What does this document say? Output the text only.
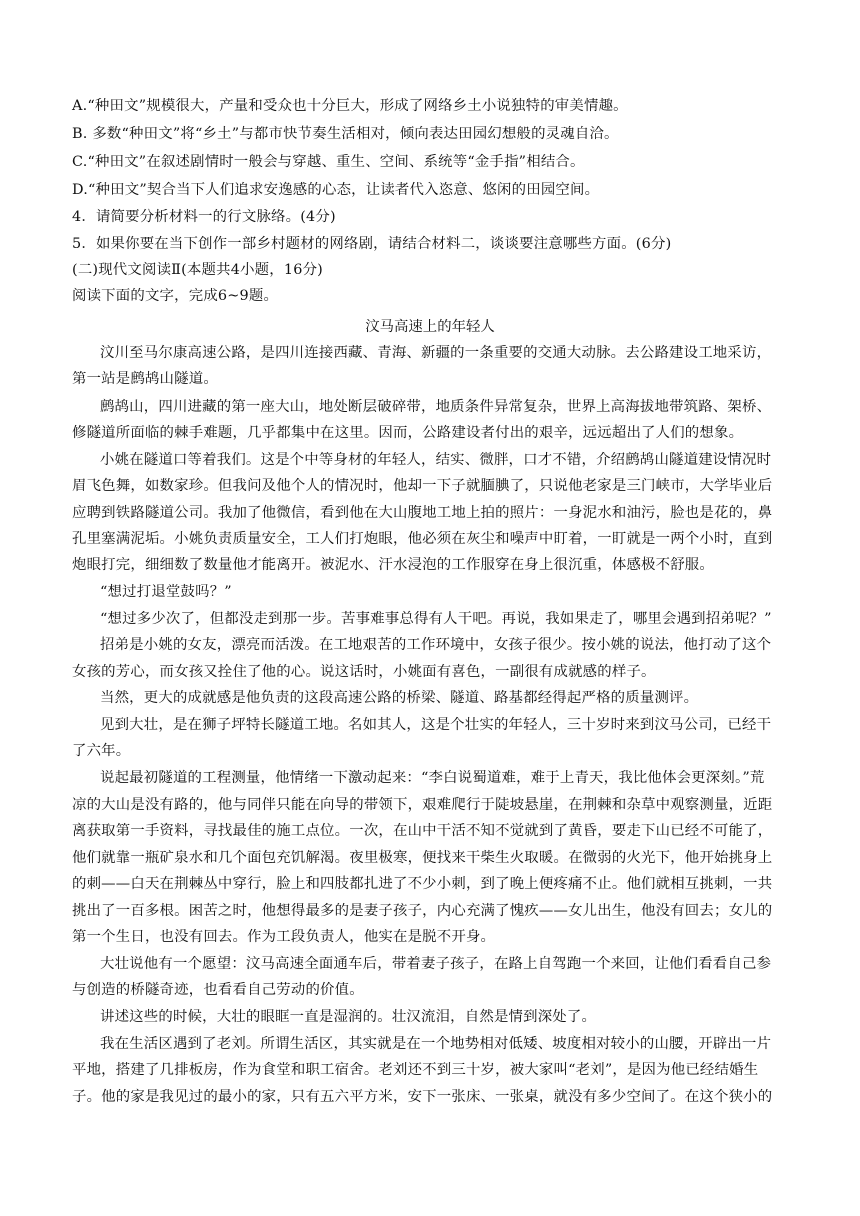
A.“种田文”规模很大，产量和受众也十分巨大，形成了网络乡土小说独特的审美情趣。
B. 多数“种田文”将“乡土”与都市快节奏生活相对，倾向表达田园幻想般的灵魂自洽。
C.“种田文”在叙述剧情时一般会与穿越、重生、空间、系统等“金手指”相结合。
D.“种田文”契合当下人们追求安逸感的心态，让读者代入恣意、悠闲的田园空间。
4．请简要分析材料一的行文脉络。(4分)
5．如果你要在当下创作一部乡村题材的网络剧，请结合材料二，谈谈要注意哪些方面。(6分)
(二)现代文阅读Ⅱ(本题共4小题，16分)
阅读下面的文字，完成6~9题。
汶马高速上的年轻人
汶川至马尔康高速公路，是四川连接西藏、青海、新疆的一条重要的交通大动脉。去公路建设工地采访，
第一站是鹧鸪山隧道。
鹧鸪山，四川进藏的第一座大山，地处断层破碎带，地质条件异常复杂，世界上高海拔地带筑路、架桥、
修隧道所面临的棘手难题，几乎都集中在这里。因而，公路建设者付出的艰辛，远远超出了人们的想象。
小姚在隧道口等着我们。这是个中等身材的年轻人，结实、微胖，口才不错，介绍鹧鸪山隧道建设情况时
眉飞色舞，如数家珍。但我问及他个人的情况时，他却一下子就腼腆了，只说他老家是三门峡市，大学毕业后
应聘到铁路隧道公司。我加了他微信，看到他在大山腹地工地上拍的照片：一身泥水和油污，脸也是花的，鼻
孔里塞满泥垢。小姚负责质量安全，工人们打炮眼，他必须在灰尘和噪声中盯着，一盯就是一两个小时，直到
炮眼打完，细细数了数量他才能离开。被泥水、汗水浸泡的工作服穿在身上很沉重，体感极不舒服。
“想过打退堂鼓吗？”
“想过多少次了，但都没走到那一步。苦事难事总得有人干吧。再说，我如果走了，哪里会遇到招弟呢？”
招弟是小姚的女友，漂亮而活泼。在工地艰苦的工作环境中，女孩子很少。按小姚的说法，他打动了这个
女孩的芳心，而女孩又拴住了他的心。说这话时，小姚面有喜色，一副很有成就感的样子。
当然，更大的成就感是他负责的这段高速公路的桥梁、隧道、路基都经得起严格的质量测评。
见到大壮，是在狮子坪特长隧道工地。名如其人，这是个壮实的年轻人，三十岁时来到汶马公司，已经干
了六年。
说起最初隧道的工程测量，他情绪一下激动起来：“李白说蜀道难，难于上青天，我比他体会更深刻。”荒
凉的大山是没有路的，他与同伴只能在向导的带领下，艰难爬行于陡坡悬崖，在荆棘和杂草中观察测量，近距
离获取第一手资料，寻找最佳的施工点位。一次，在山中干活不知不觉就到了黄昏，要走下山已经不可能了，
他们就靠一瓶矿泉水和几个面包充饥解渴。夜里极寒，便找来干柴生火取暖。在微弱的火光下，他开始挑身上
的刺——白天在荆棘丛中穿行，脸上和四肢都扎进了不少小刺，到了晚上便疼痛不止。他们就相互挑刺，一共
挑出了一百多根。困苦之时，他想得最多的是妻子孩子，内心充满了愧疚——女儿出生，他没有回去；女儿的
第一个生日，也没有回去。作为工段负责人，他实在是脱不开身。
大壮说他有一个愿望：汶马高速全面通车后，带着妻子孩子，在路上自驾跑一个来回，让他们看看自己参
与创造的桥隧奇迹，也看看自己劳动的价值。
讲述这些的时候，大壮的眼眶一直是湿润的。壮汉流泪，自然是情到深处了。
我在生活区遇到了老刘。所谓生活区，其实就是在一个地势相对低矮、坡度相对较小的山腰，开辟出一片
平地，搭建了几排板房，作为食堂和职工宿舍。老刘还不到三十岁，被大家叫“老刘”，是因为他已经结婚生
子。他的家是我见过的最小的家，只有五六平方米，安下一张床、一张桌，就没有多少空间了。在这个狭小的
